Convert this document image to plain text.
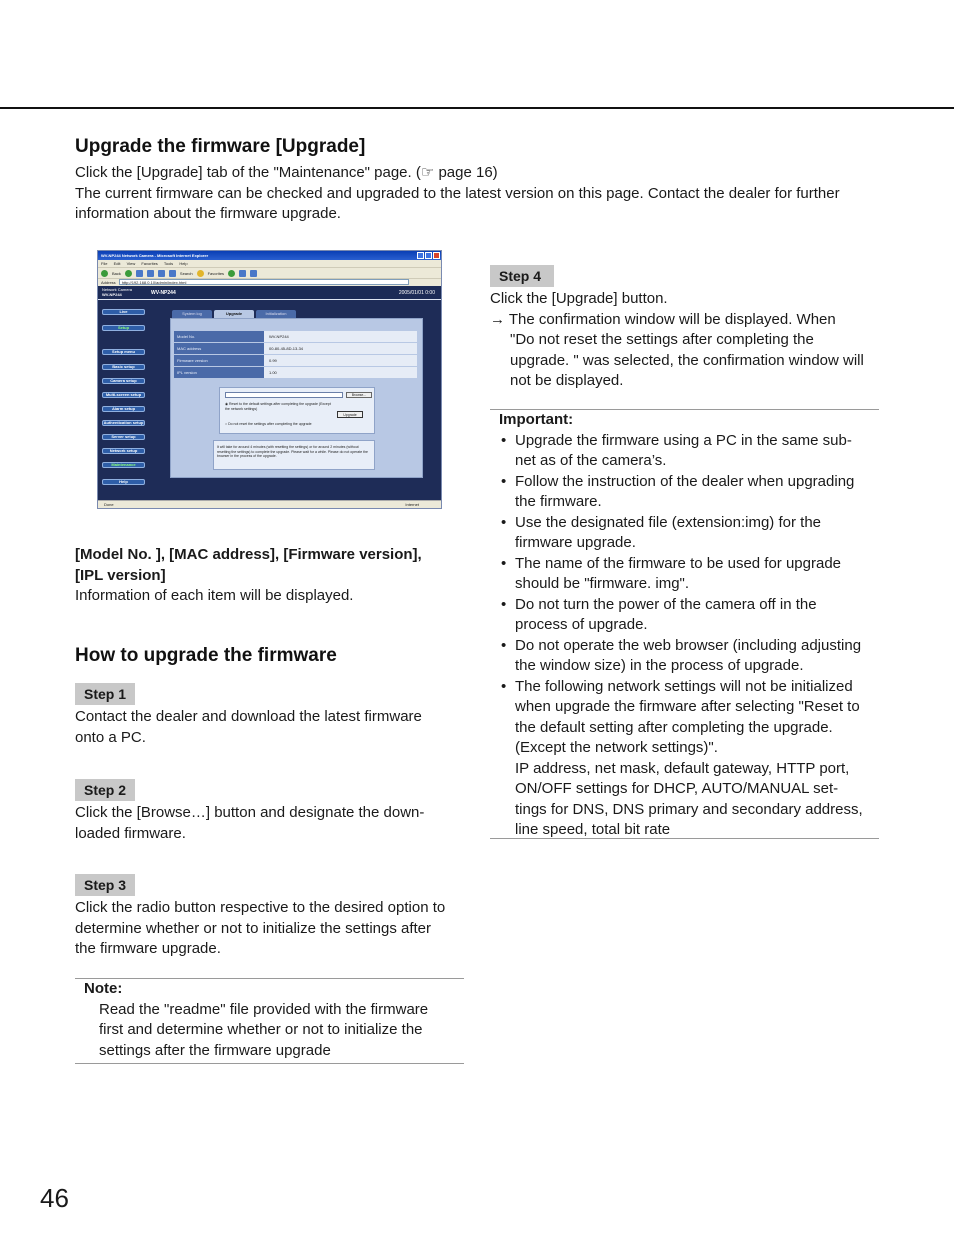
Upgrade the firmware [Upgrade]
Click the [Upgrade] tab of the "Maintenance" page. (☞ page 16)
The current firmware can be checked and upgraded to the latest version on this page. Contact the dealer for further
information about the firmware upgrade.
WV-NP244 Network Camera - Microsoft Internet Explorer
File Edit View Favorites Tools Help
Back	Search	Favorites
Address	http://192.168.0.10/admin/index.html
Network Camera
WV-NP244	WV-NP244	2005/01/01 0:00
Live
Setup
Setup menu
Basic setup
Camera setup
Multi-screen setup
Alarm setup
Authentication setup
Server setup
Network setup
Maintenance
Help
System log	Upgrade	Initialization
Model No.	WV-NP244
MAC address	00-80-45-8D-13-34
Firmware version	0.99
IPL version	1.00
Browse...
◉ Reset to the default settings after completing the upgrade (Except the network settings)
Upgrade
○ Do not reset the settings after completing the upgrade
It will take for around 4 minutes (with resetting the settings) or for around 2 minutes (without resetting the settings) to complete the upgrade. Please wait for a while. Please do not operate the browser in the process of the upgrade.
Done	Internet
[Model No. ], [MAC address], [Firmware version],
[IPL version]
Information of each item will be displayed.
How to upgrade the firmware
Step 1
Contact the dealer and download the latest firmware
onto a PC.
Step 2
Click the [Browse…] button and designate the down-
loaded firmware.
Step 3
Click the radio button respective to the desired option to
determine whether or not to initialize the settings after
the firmware upgrade.
Note:
Read the "readme" file provided with the firmware
first and determine whether or not to initialize the
settings after the firmware upgrade
Step 4
Click the [Upgrade] button.
→ The confirmation window will be displayed. When
"Do not reset the settings after completing the
upgrade. " was selected, the confirmation window will
not be displayed.
Important:
• Upgrade the firmware using a PC in the same sub-
net as of the camera’s.
• Follow the instruction of the dealer when upgrading
the firmware.
• Use the designated file (extension:img) for the
firmware upgrade.
• The name of the firmware to be used for upgrade
should be "firmware. img".
• Do not turn the power of the camera off in the
process of upgrade.
• Do not operate the web browser (including adjusting
the window size) in the process of upgrade.
• The following network settings will not be initialized
when upgrade the firmware after selecting "Reset to
the default setting after completing the upgrade.
(Except the network settings)".
IP address, net mask, default gateway, HTTP port,
ON/OFF settings for DHCP, AUTO/MANUAL set-
tings for DNS, DNS primary and secondary address,
line speed, total bit rate
46
